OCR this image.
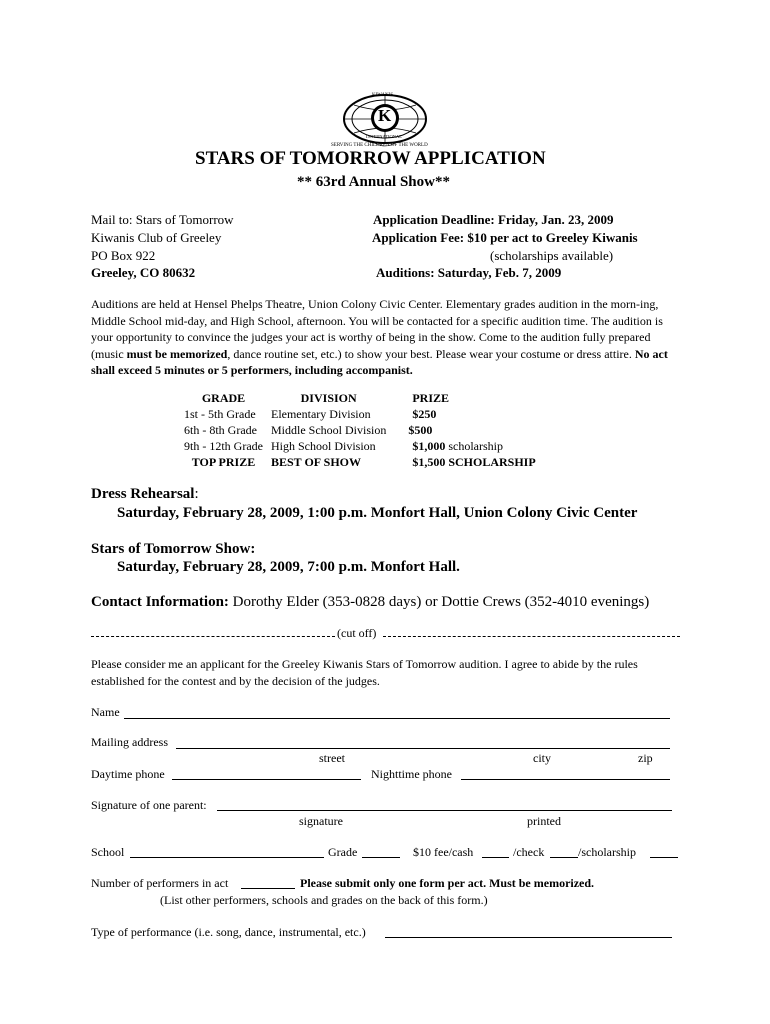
K
KIWANIS
INTERNATIONAL
SERVING THE CHILDREN OF THE WORLD
STARS OF TOMORROW APPLICATION
** 63rd Annual Show**
Mail to: Stars of Tomorrow
Kiwanis Club of Greeley
PO Box 922
Greeley, CO 80632
Application Deadline: Friday, Jan. 23, 2009
Application Fee: $10 per act to Greeley Kiwanis
(scholarships available)
Auditions: Saturday, Feb. 7, 2009
Auditions are held at Hensel Phelps Theatre, Union Colony Civic Center. Elementary grades audition in the morn-ing, Middle School mid-day, and High School, afternoon. You will be contacted for a specific audition time. The audition is your opportunity to convince the judges your act is worthy of being in the show. Come to the audition fully prepared (music must be memorized, dance routine set, etc.) to show your best. Please wear your costume or dress attire. No act shall exceed 5 minutes or 5 performers, including accompanist.
GRADE	DIVISION	PRIZE
1st - 5th Grade	Elementary Division	$250
6th - 8th Grade	Middle School Division	$500
9th - 12th Grade	High School Division	$1,000 scholarship
TOP PRIZE	BEST OF SHOW	$1,500 SCHOLARSHIP
Dress Rehearsal:
Saturday, February 28, 2009, 1:00 p.m. Monfort Hall, Union Colony Civic Center
Stars of Tomorrow Show:
Saturday, February 28, 2009, 7:00 p.m. Monfort Hall.
Contact Information: Dorothy Elder (353-0828 days) or Dottie Crews (352-4010 evenings)
(cut off)
Please consider me an applicant for the Greeley Kiwanis Stars of Tomorrow audition. I agree to abide by the rules established for the contest and by the decision of the judges.
Name
Mailing address
street	city	zip
Daytime phone	Nighttime phone
Signature of one parent:
signature	printed
School	Grade	$10 fee/cash	/check	/scholarship
Number of performers in act	Please submit only one form per act. Must be memorized.
(List other performers, schools and grades on the back of this form.)
Type of performance (i.e. song, dance, instrumental, etc.)
